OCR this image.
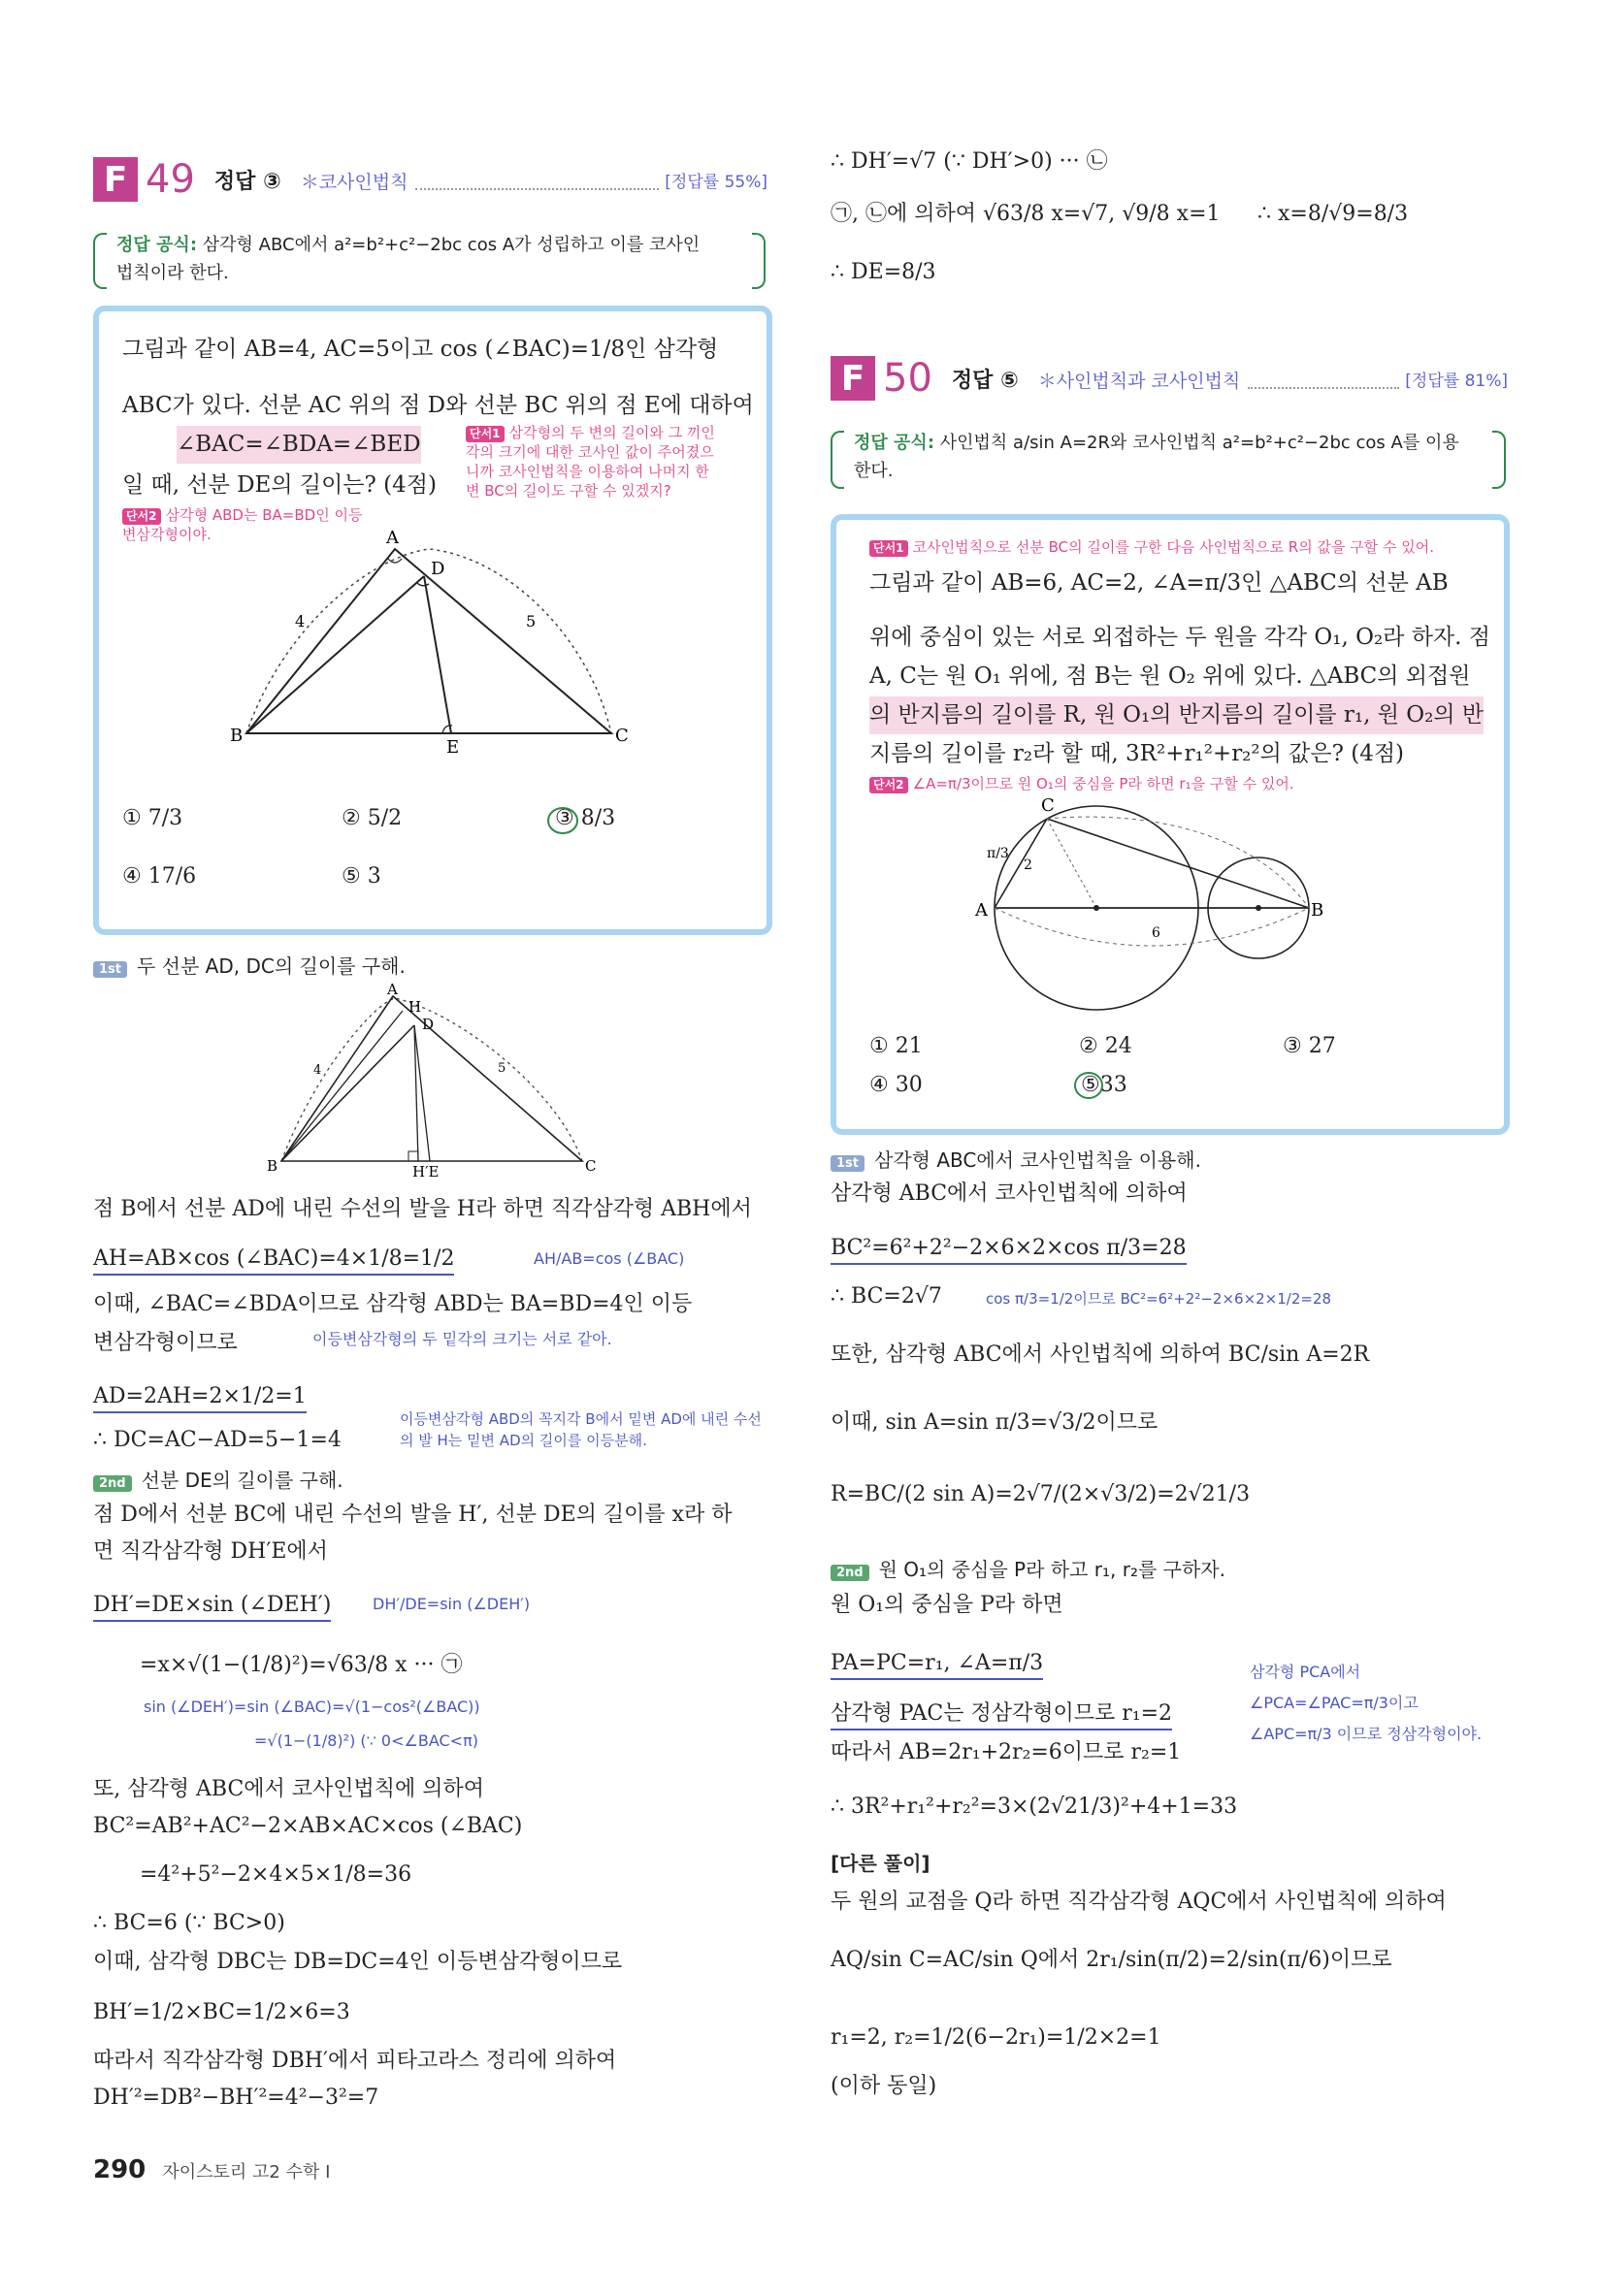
F 49 정답 ③ ＊코사인법칙	[정답률 55%]
정답 공식: 삼각형 ABC에서 a²=b²+c²−2bc cos A가 성립하고 이를 코사인
법칙이라 한다.
그림과 같이 AB=4, AC=5이고 cos (∠BAC)=1/8인 삼각형
ABC가 있다. 선분 AC 위의 점 D와 선분 BC 위의 점 E에 대하여
∠BAC=∠BDA=∠BED
일 때, 선분 DE의 길이는? (4점)
단서1 삼각형의 두 변의 길이와 그 끼인 각의 크기에 대한 코사인 값이 주어졌으니까 코사인법칙을 이용하여 나머지 한 변 BC의 길이도 구할 수 있겠지?
단서2 삼각형 ABD는 BA=BD인 이등변삼각형이야.	A
B	C
D
E
4	5
① 7/3	② 5/2	③ 8/3
④ 17/6	⑤ 3
1st 두 선분 AD, DC의 길이를 구해.
A
H
D
B	C
H′E
4	5
점 B에서 선분 AD에 내린 수선의 발을 H라 하면 직각삼각형 ABH에서
AH=AB×cos (∠BAC)=4×1/8=1/2	AH/AB=cos (∠BAC)
이때, ∠BAC=∠BDA이므로 삼각형 ABD는 BA=BD=4인 이등
변삼각형이므로	이등변삼각형의 두 밑각의 크기는 서로 같아.
AD=2AH=2×1/2=1
이등변삼각형 ABD의 꼭지각 B에서 밑변 AD에 내린 수선의 발 H는 밑변 AD의 길이를 이등분해.
∴ DC=AC−AD=5−1=4
2nd 선분 DE의 길이를 구해.
점 D에서 선분 BC에 내린 수선의 발을 H′, 선분 DE의 길이를 x라 하
면 직각삼각형 DH′E에서
DH′=DE×sin (∠DEH′)	DH′/DE=sin (∠DEH′)
=x×√(1−(1/8)²)=√63/8 x ··· ㉠
sin (∠DEH′)=sin (∠BAC)=√(1−cos²(∠BAC))
=√(1−(1/8)²) (∵ 0<∠BAC<π)
또, 삼각형 ABC에서 코사인법칙에 의하여
BC²=AB²+AC²−2×AB×AC×cos (∠BAC)
=4²+5²−2×4×5×1/8=36
∴ BC=6 (∵ BC>0)
이때, 삼각형 DBC는 DB=DC=4인 이등변삼각형이므로
BH′=1/2×BC=1/2×6=3
따라서 직각삼각형 DBH′에서 피타고라스 정리에 의하여
DH′²=DB²−BH′²=4²−3²=7
∴ DH′=√7 (∵ DH′>0) ··· ㉡
㉠, ㉡에 의하여 √63/8 x=√7, √9/8 x=1 ∴ x=8/√9=8/3
∴ DE=8/3
F 50 정답 ⑤ ＊사인법칙과 코사인법칙	[정답률 81%]
정답 공식: 사인법칙 a/sin A=2R와 코사인법칙 a²=b²+c²−2bc cos A를 이용
한다.
단서1 코사인법칙으로 선분 BC의 길이를 구한 다음 사인법칙으로 R의 값을 구할 수 있어.
그림과 같이 AB=6, AC=2, ∠A=π/3인 △ABC의 선분 AB
위에 중심이 있는 서로 외접하는 두 원을 각각 O₁, O₂라 하자. 점
A, C는 원 O₁ 위에, 점 B는 원 O₂ 위에 있다. △ABC의 외접원
의 반지름의 길이를 R, 원 O₁의 반지름의 길이를 r₁, 원 O₂의 반
지름의 길이를 r₂라 할 때, 3R²+r₁²+r₂²의 값은? (4점)
단서2 ∠A=π/3이므로 원 O₁의 중심을 P라 하면 r₁을 구할 수 있어.
A	B
C
π/3
2
6
① 21	② 24	③ 27
④ 30	⑤33
1st 삼각형 ABC에서 코사인법칙을 이용해.
삼각형 ABC에서 코사인법칙에 의하여
BC²=6²+2²−2×6×2×cos π/3=28
∴ BC=2√7	cos π/3=1/2이므로 BC²=6²+2²−2×6×2×1/2=28
또한, 삼각형 ABC에서 사인법칙에 의하여 BC/sin A=2R
이때, sin A=sin π/3=√3/2이므로
R=BC/(2 sin A)=2√7/(2×√3/2)=2√21/3
2nd 원 O₁의 중심을 P라 하고 r₁, r₂를 구하자.
원 O₁의 중심을 P라 하면
PA=PC=r₁, ∠A=π/3
삼각형 PAC는 정삼각형이므로 r₁=2
따라서 AB=2r₁+2r₂=6이므로 r₂=1
삼각형 PCA에서 ∠PCA=∠PAC=π/3이고 ∠APC=π/3 이므로 정삼각형이야.
∴ 3R²+r₁²+r₂²=3×(2√21/3)²+4+1=33
[다른 풀이]
두 원의 교점을 Q라 하면 직각삼각형 AQC에서 사인법칙에 의하여
AQ/sin C=AC/sin Q에서 2r₁/sin(π/2)=2/sin(π/6)이므로
r₁=2, r₂=1/2(6−2r₁)=1/2×2=1
(이하 동일)
290 자이스토리 고2 수학 I
